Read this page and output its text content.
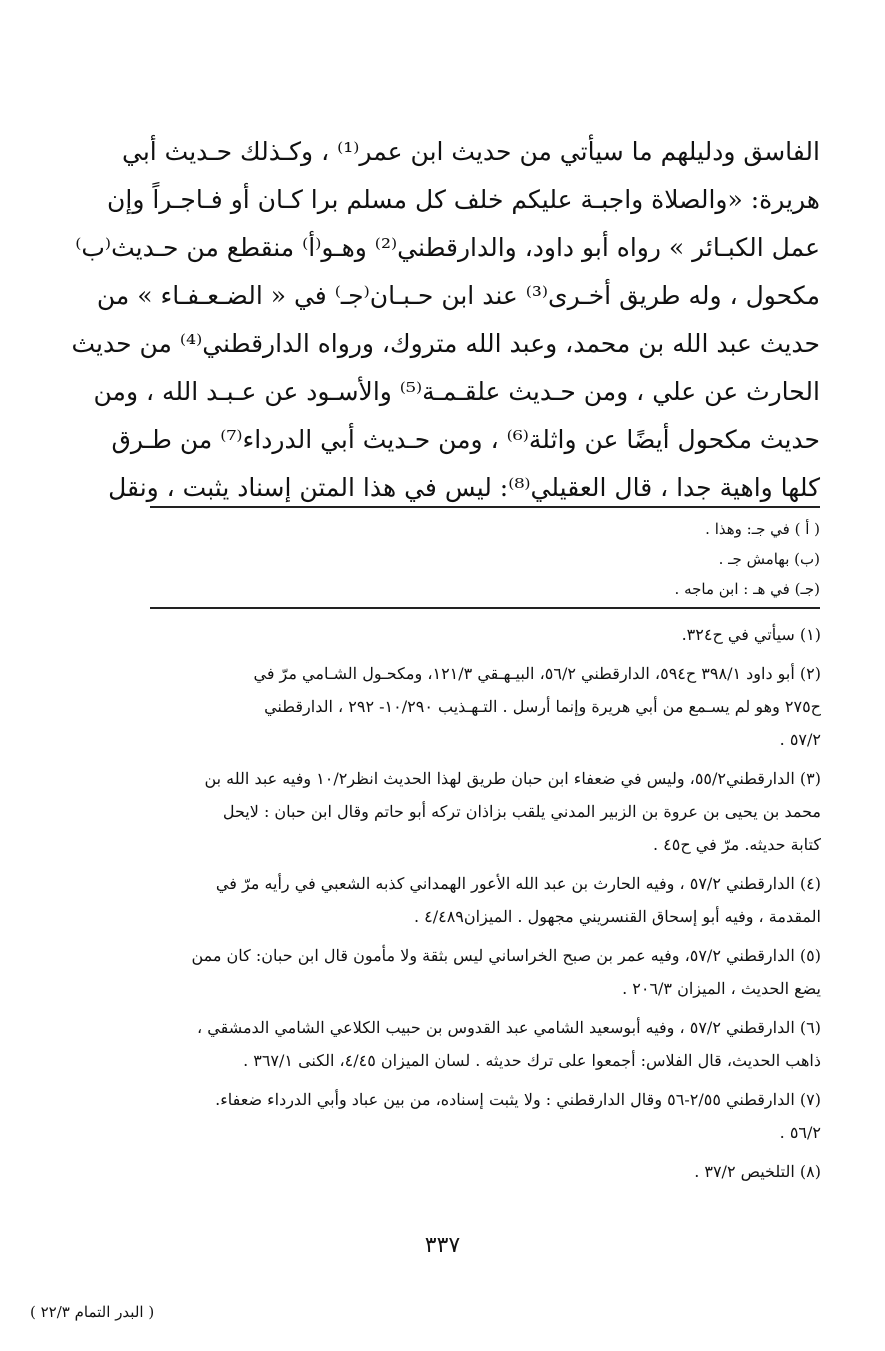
الفاسق ودليلهم ما سيأتي من حديث ابن عمر⁽¹⁾ ، وكـذلك حـديث أبي
هريرة: «والصلاة واجبـة عليكم خلف كل مسلم برا كـان أو فـاجـراً وإن
عمل الكبـائر » رواه أبو داود، والدارقطني⁽²⁾ وهـو⁽أ⁾ منقطع من حـديث⁽ب⁾
مكحول ، وله طريق أخـرى⁽³⁾ عند ابن حـبـان⁽جـ⁾ في « الضـعـفـاء » من
حديث عبد الله بن محمد، وعبد الله متروك، ورواه الدارقطني⁽⁴⁾ من حديث
الحارث عن علي ، ومن حـديث علقـمـة⁽⁵⁾ والأسـود عن عـبـد الله ، ومن
حديث مكحول أيضًا عن واثلة⁽⁶⁾ ، ومن حـديث أبي الدرداء⁽⁷⁾ من طـرق
كلها واهية جدا ، قال العقيلي⁽⁸⁾: ليس في هذا المتن إسناد يثبت ، ونقل
( أ ) في جـ: وهذا .
(ب) بهامش جـ .
(جـ) في هـ : ابن ماجه .
(١) سيأتي في ح٣٢٤.
(٢) أبو داود ٣٩٨/١ ح٥٩٤، الدارقطني ٥٦/٢، البيـهـقي ١٢١/٣، ومكحـول الشـامي مرّ في
ح٢٧٥ وهو لم يسـمع من أبي هريرة وإنما أرسل . التـهـذيب ١٠/٢٩٠- ٢٩٢ ، الدارقطني
٥٧/٢ .
(٣) الدارقطني٥٥/٢، وليس في ضعفاء ابن حبان طريق لهذا الحديث انظر١٠/٢ وفيه عبد الله بن
محمد بن يحيى بن عروة بن الزبير المدني يلقب بزاذان تركه أبو حاتم وقال ابن حبان : لايحل
كتابة حديثه. مرّ في ح٤٥ .
(٤) الدارقطني ٥٧/٢ ، وفيه الحارث بن عبد الله الأعور الهمداني كذبه الشعبي في رأيه مرّ في
المقدمة ، وفيه أبو إسحاق القنسريني مجهول . الميزان٤/٤٨٩ .
(٥) الدارقطني ٥٧/٢، وفيه عمر بن صبح الخراساني ليس بثقة ولا مأمون قال ابن حبان: كان ممن
يضع الحديث ، الميزان ٢٠٦/٣ .
(٦) الدارقطني ٥٧/٢ ، وفيه أبوسعيد الشامي عبد القدوس بن حبيب الكلاعي الشامي الدمشقي ،
ذاهب الحديث، قال الفلاس: أجمعوا على ترك حديثه . لسان الميزان ٤/٤٥، الكنى ٣٦٧/١ .
(٧) الدارقطني ٢/٥٥-٥٦ وقال الدارقطني : ولا يثبت إسناده، من بين عباد وأبي الدرداء ضعفاء.
٥٦/٢ .
(٨) التلخيص ٣٧/٢ .
٣٣٧
( البدر التمام ٢٢/٣ )
